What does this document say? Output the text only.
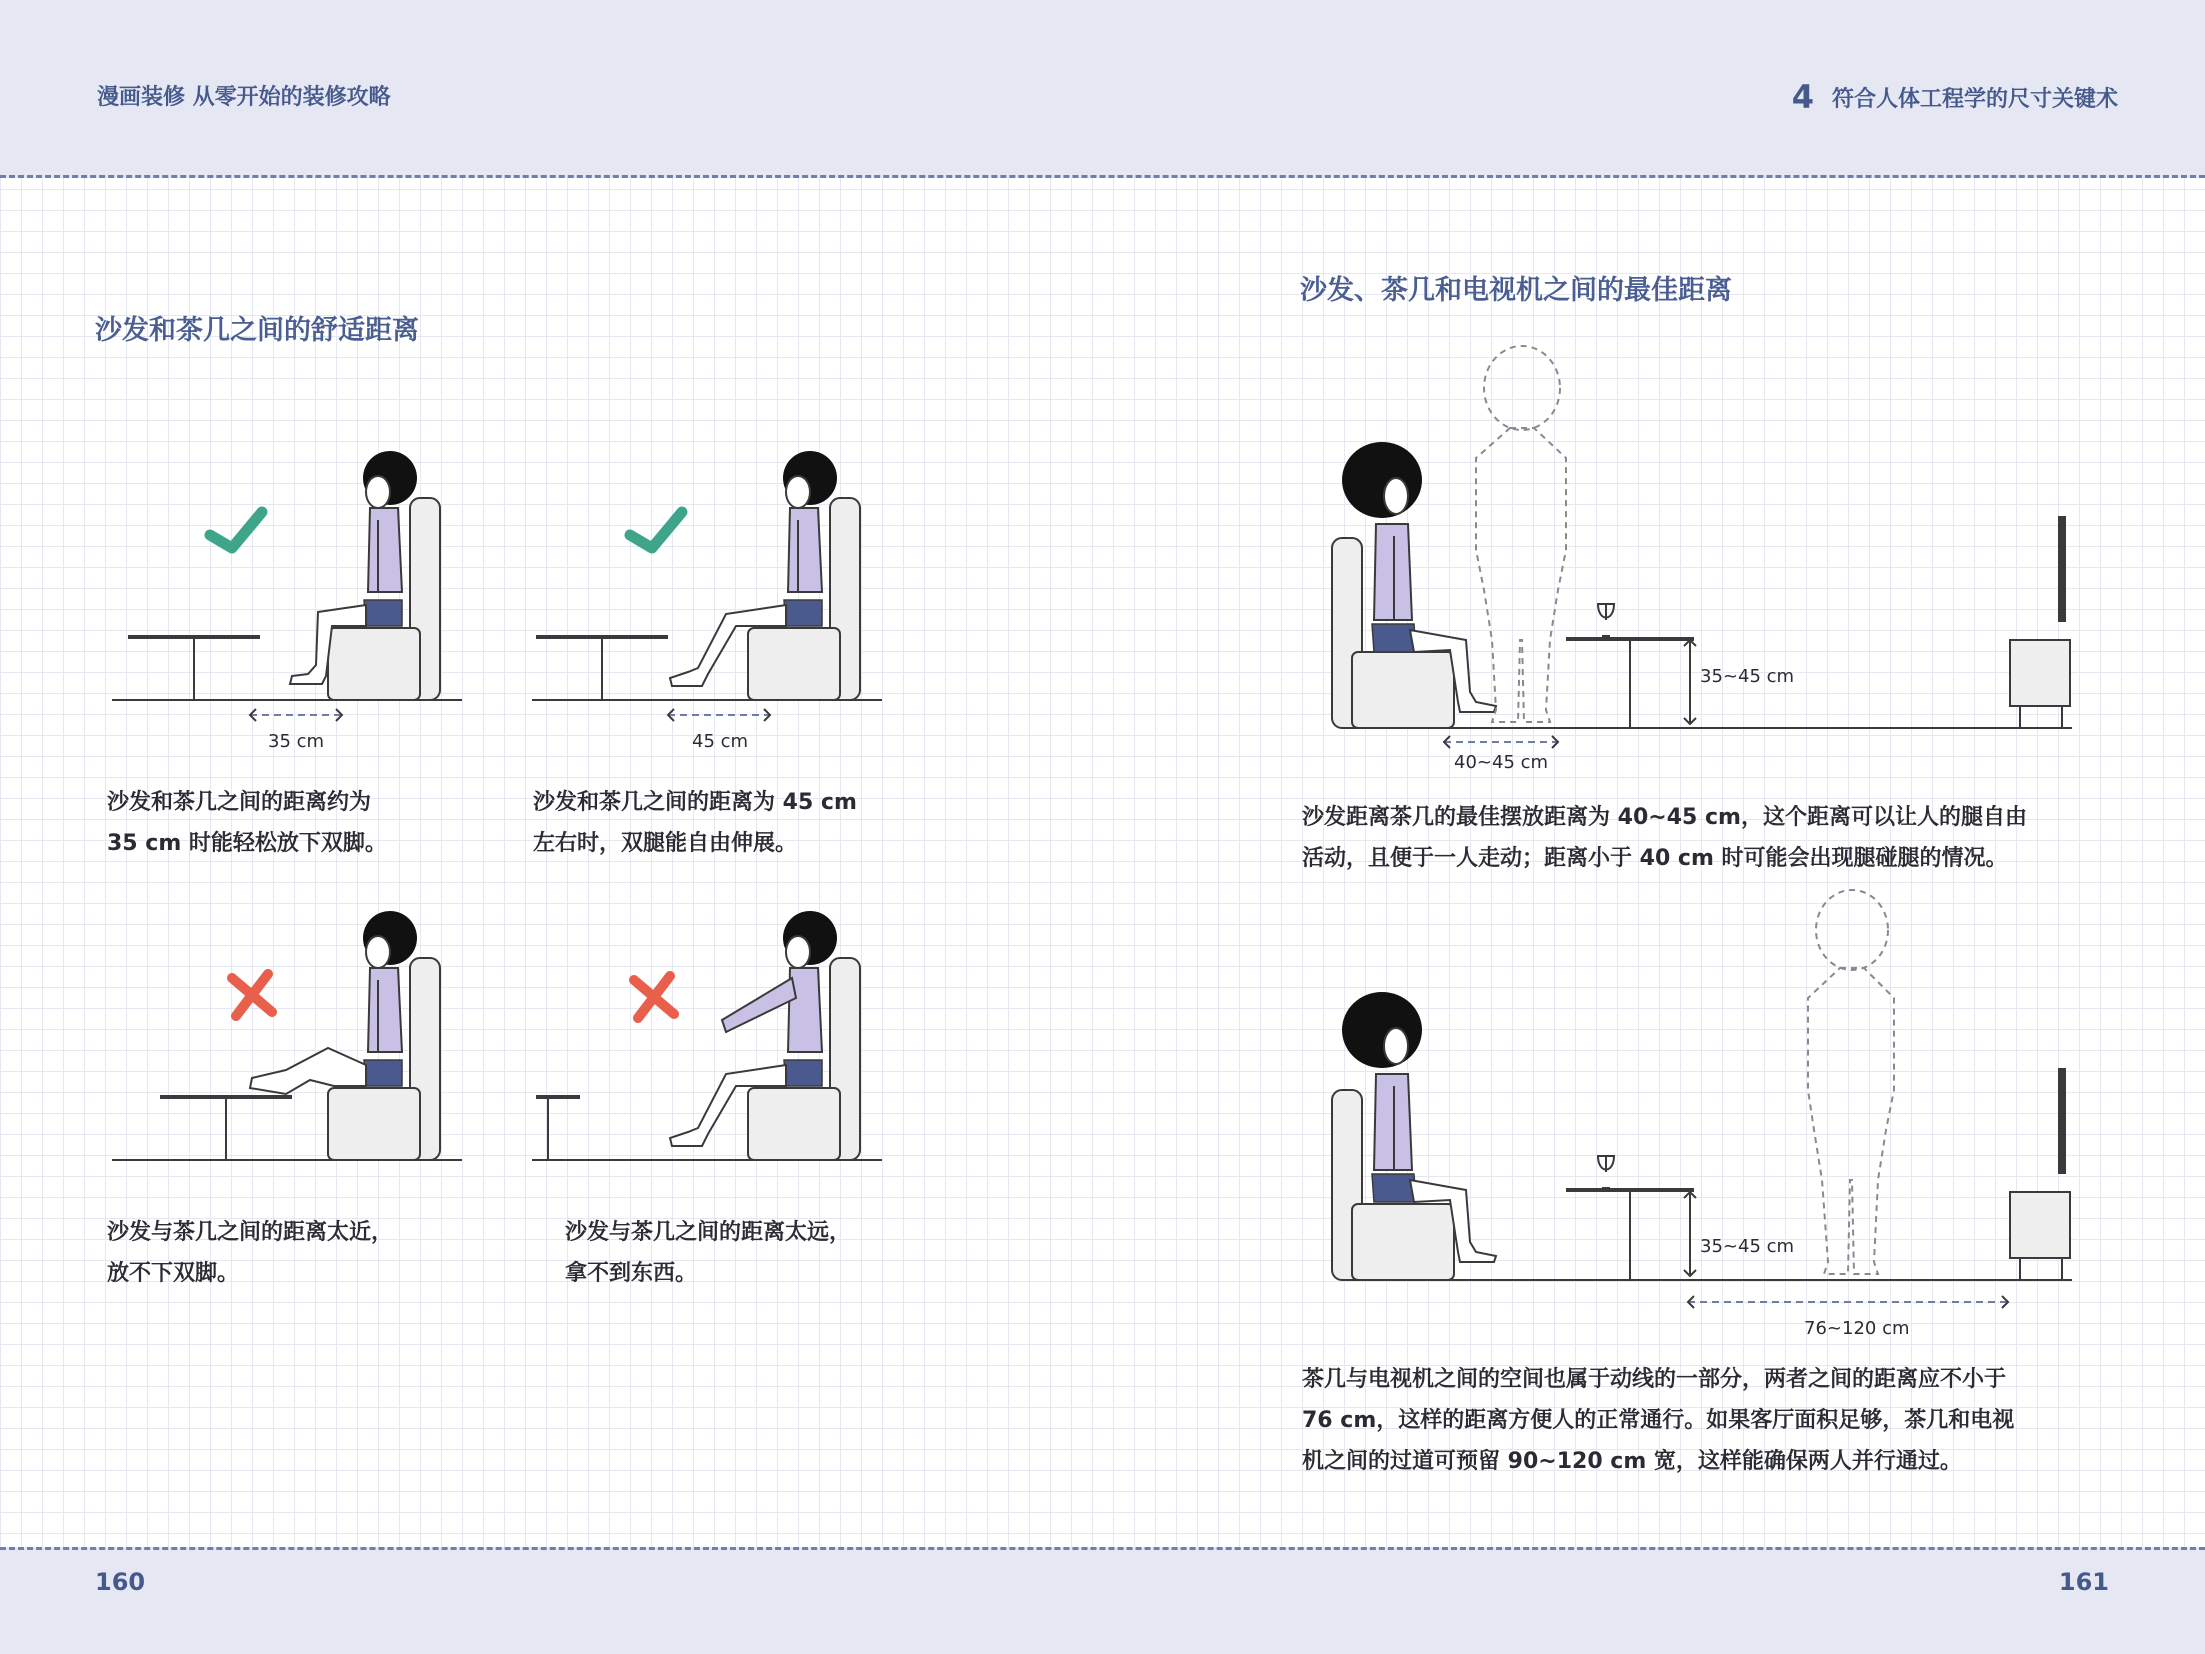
漫画装修 从零开始的装修攻略	4 符合人体工程学的尺寸关键术
160	161
沙发和茶几之间的舒适距离
35 cm	45 cm
沙发和茶几之间的距离约为
35 cm 时能轻松放下双脚。
沙发和茶几之间的距离为 45 cm
左右时，双腿能自由伸展。
沙发与茶几之间的距离太近，
放不下双脚。
沙发与茶几之间的距离太远，
拿不到东西。
沙发、茶几和电视机之间的最佳距离
35~45 cm
40~45 cm
沙发距离茶几的最佳摆放距离为 40~45 cm，这个距离可以让人的腿自由
活动，且便于一人走动；距离小于 40 cm 时可能会出现腿碰腿的情况。
35~45 cm
76~120 cm
茶几与电视机之间的空间也属于动线的一部分，两者之间的距离应不小于
76 cm，这样的距离方便人的正常通行。如果客厅面积足够，茶几和电视
机之间的过道可预留 90~120 cm 宽，这样能确保两人并行通过。
